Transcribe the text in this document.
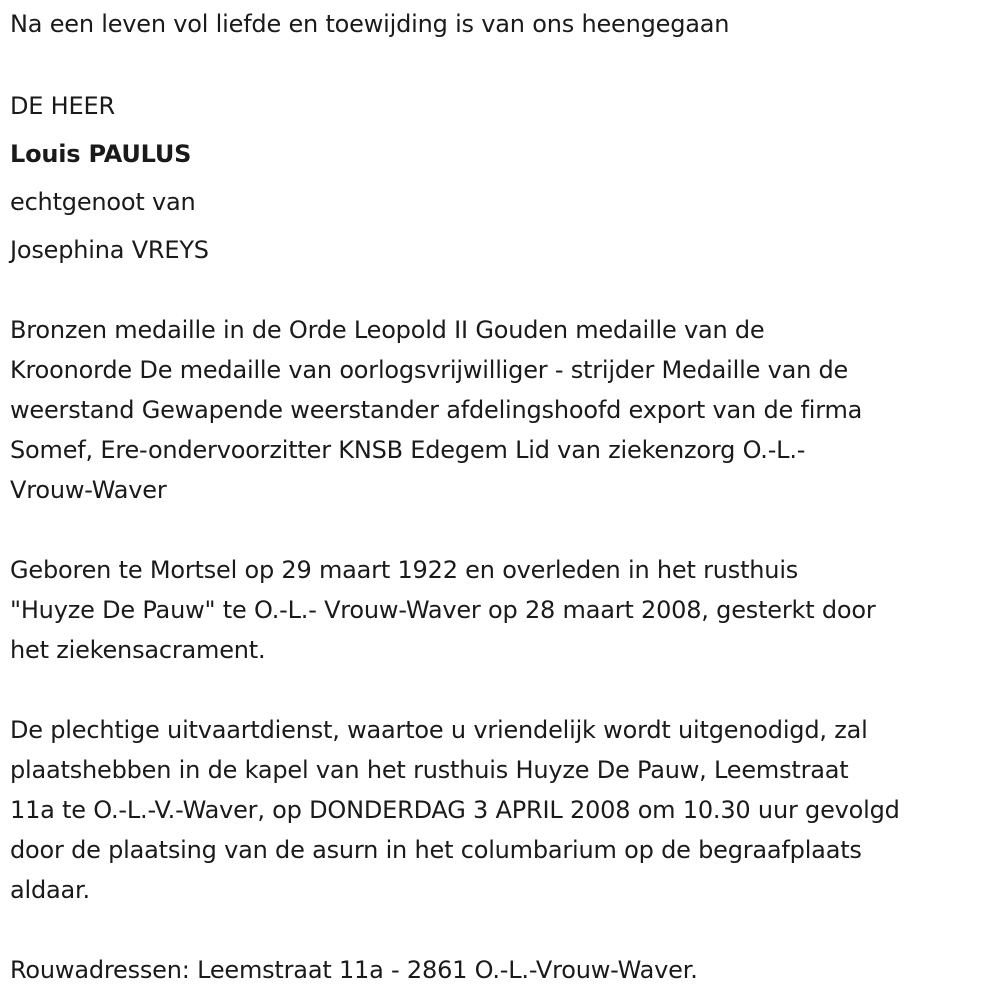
Na een leven vol liefde en toewijding is van ons heengegaan
DE HEER
Louis PAULUS
echtgenoot van
Josephina VREYS
Bronzen medaille in de Orde Leopold II Gouden medaille van de
Kroonorde De medaille van oorlogsvrijwilliger - strijder Medaille van de
weerstand Gewapende weerstander afdelingshoofd export van de firma
Somef, Ere-ondervoorzitter KNSB Edegem Lid van ziekenzorg O.-L.-
Vrouw-Waver
Geboren te Mortsel op 29 maart 1922 en overleden in het rusthuis
"Huyze De Pauw" te O.-L.- Vrouw-Waver op 28 maart 2008, gesterkt door
het ziekensacrament.
De plechtige uitvaartdienst, waartoe u vriendelijk wordt uitgenodigd, zal
plaatshebben in de kapel van het rusthuis Huyze De Pauw, Leemstraat
11a te O.-L.-V.-Waver, op DONDERDAG 3 APRIL 2008 om 10.30 uur gevolgd
door de plaatsing van de asurn in het columbarium op de begraafplaats
aldaar.
Rouwadressen: Leemstraat 11a - 2861 O.-L.-Vrouw-Waver.
